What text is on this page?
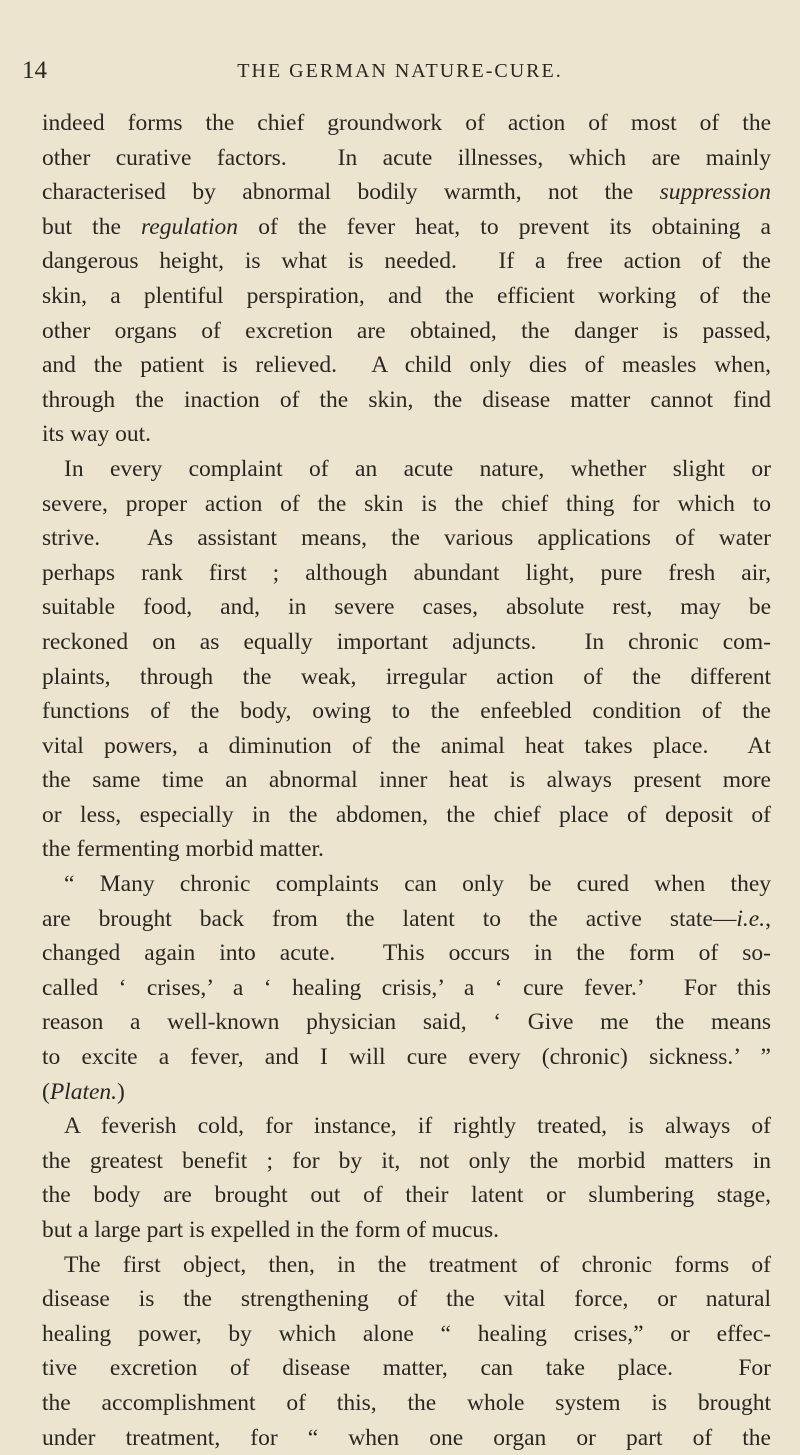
14	THE GERMAN NATURE-CURE.
indeed forms the chief groundwork of action of most of the
other curative factors.  In acute illnesses, which are mainly
characterised by abnormal bodily warmth, not the suppression
but the regulation of the fever heat, to prevent its obtaining a
dangerous height, is what is needed.  If a free action of the
skin, a plentiful perspiration, and the efficient working of the
other organs of excretion are obtained, the danger is passed,
and the patient is relieved.  A child only dies of measles when,
through the inaction of the skin, the disease matter cannot find
its way out.
In every complaint of an acute nature, whether slight or
severe, proper action of the skin is the chief thing for which to
strive.  As assistant means, the various applications of water
perhaps rank first ; although abundant light, pure fresh air,
suitable food, and, in severe cases, absolute rest, may be
reckoned on as equally important adjuncts.  In chronic com-
plaints, through the weak, irregular action of the different
functions of the body, owing to the enfeebled condition of the
vital powers, a diminution of the animal heat takes place.  At
the same time an abnormal inner heat is always present more
or less, especially in the abdomen, the chief place of deposit of
the fermenting morbid matter.
“ Many chronic complaints can only be cured when they
are brought back from the latent to the active state—i.e.,
changed again into acute.  This occurs in the form of so-
called ‘ crises,’ a ‘ healing crisis,’ a ‘ cure fever.’  For this
reason a well-known physician said, ‘ Give me the means
to excite a fever, and I will cure every (chronic) sickness.’ ”
(Platen.)
A feverish cold, for instance, if rightly treated, is always of
the greatest benefit ; for by it, not only the morbid matters in
the body are brought out of their latent or slumbering stage,
but a large part is expelled in the form of mucus.
The first object, then, in the treatment of chronic forms of
disease is the strengthening of the vital force, or natural
healing power, by which alone “ healing crises,” or effec-
tive excretion of disease matter, can take place.  For
the accomplishment of this, the whole system is brought
under treatment, for “ when one organ or part of the
